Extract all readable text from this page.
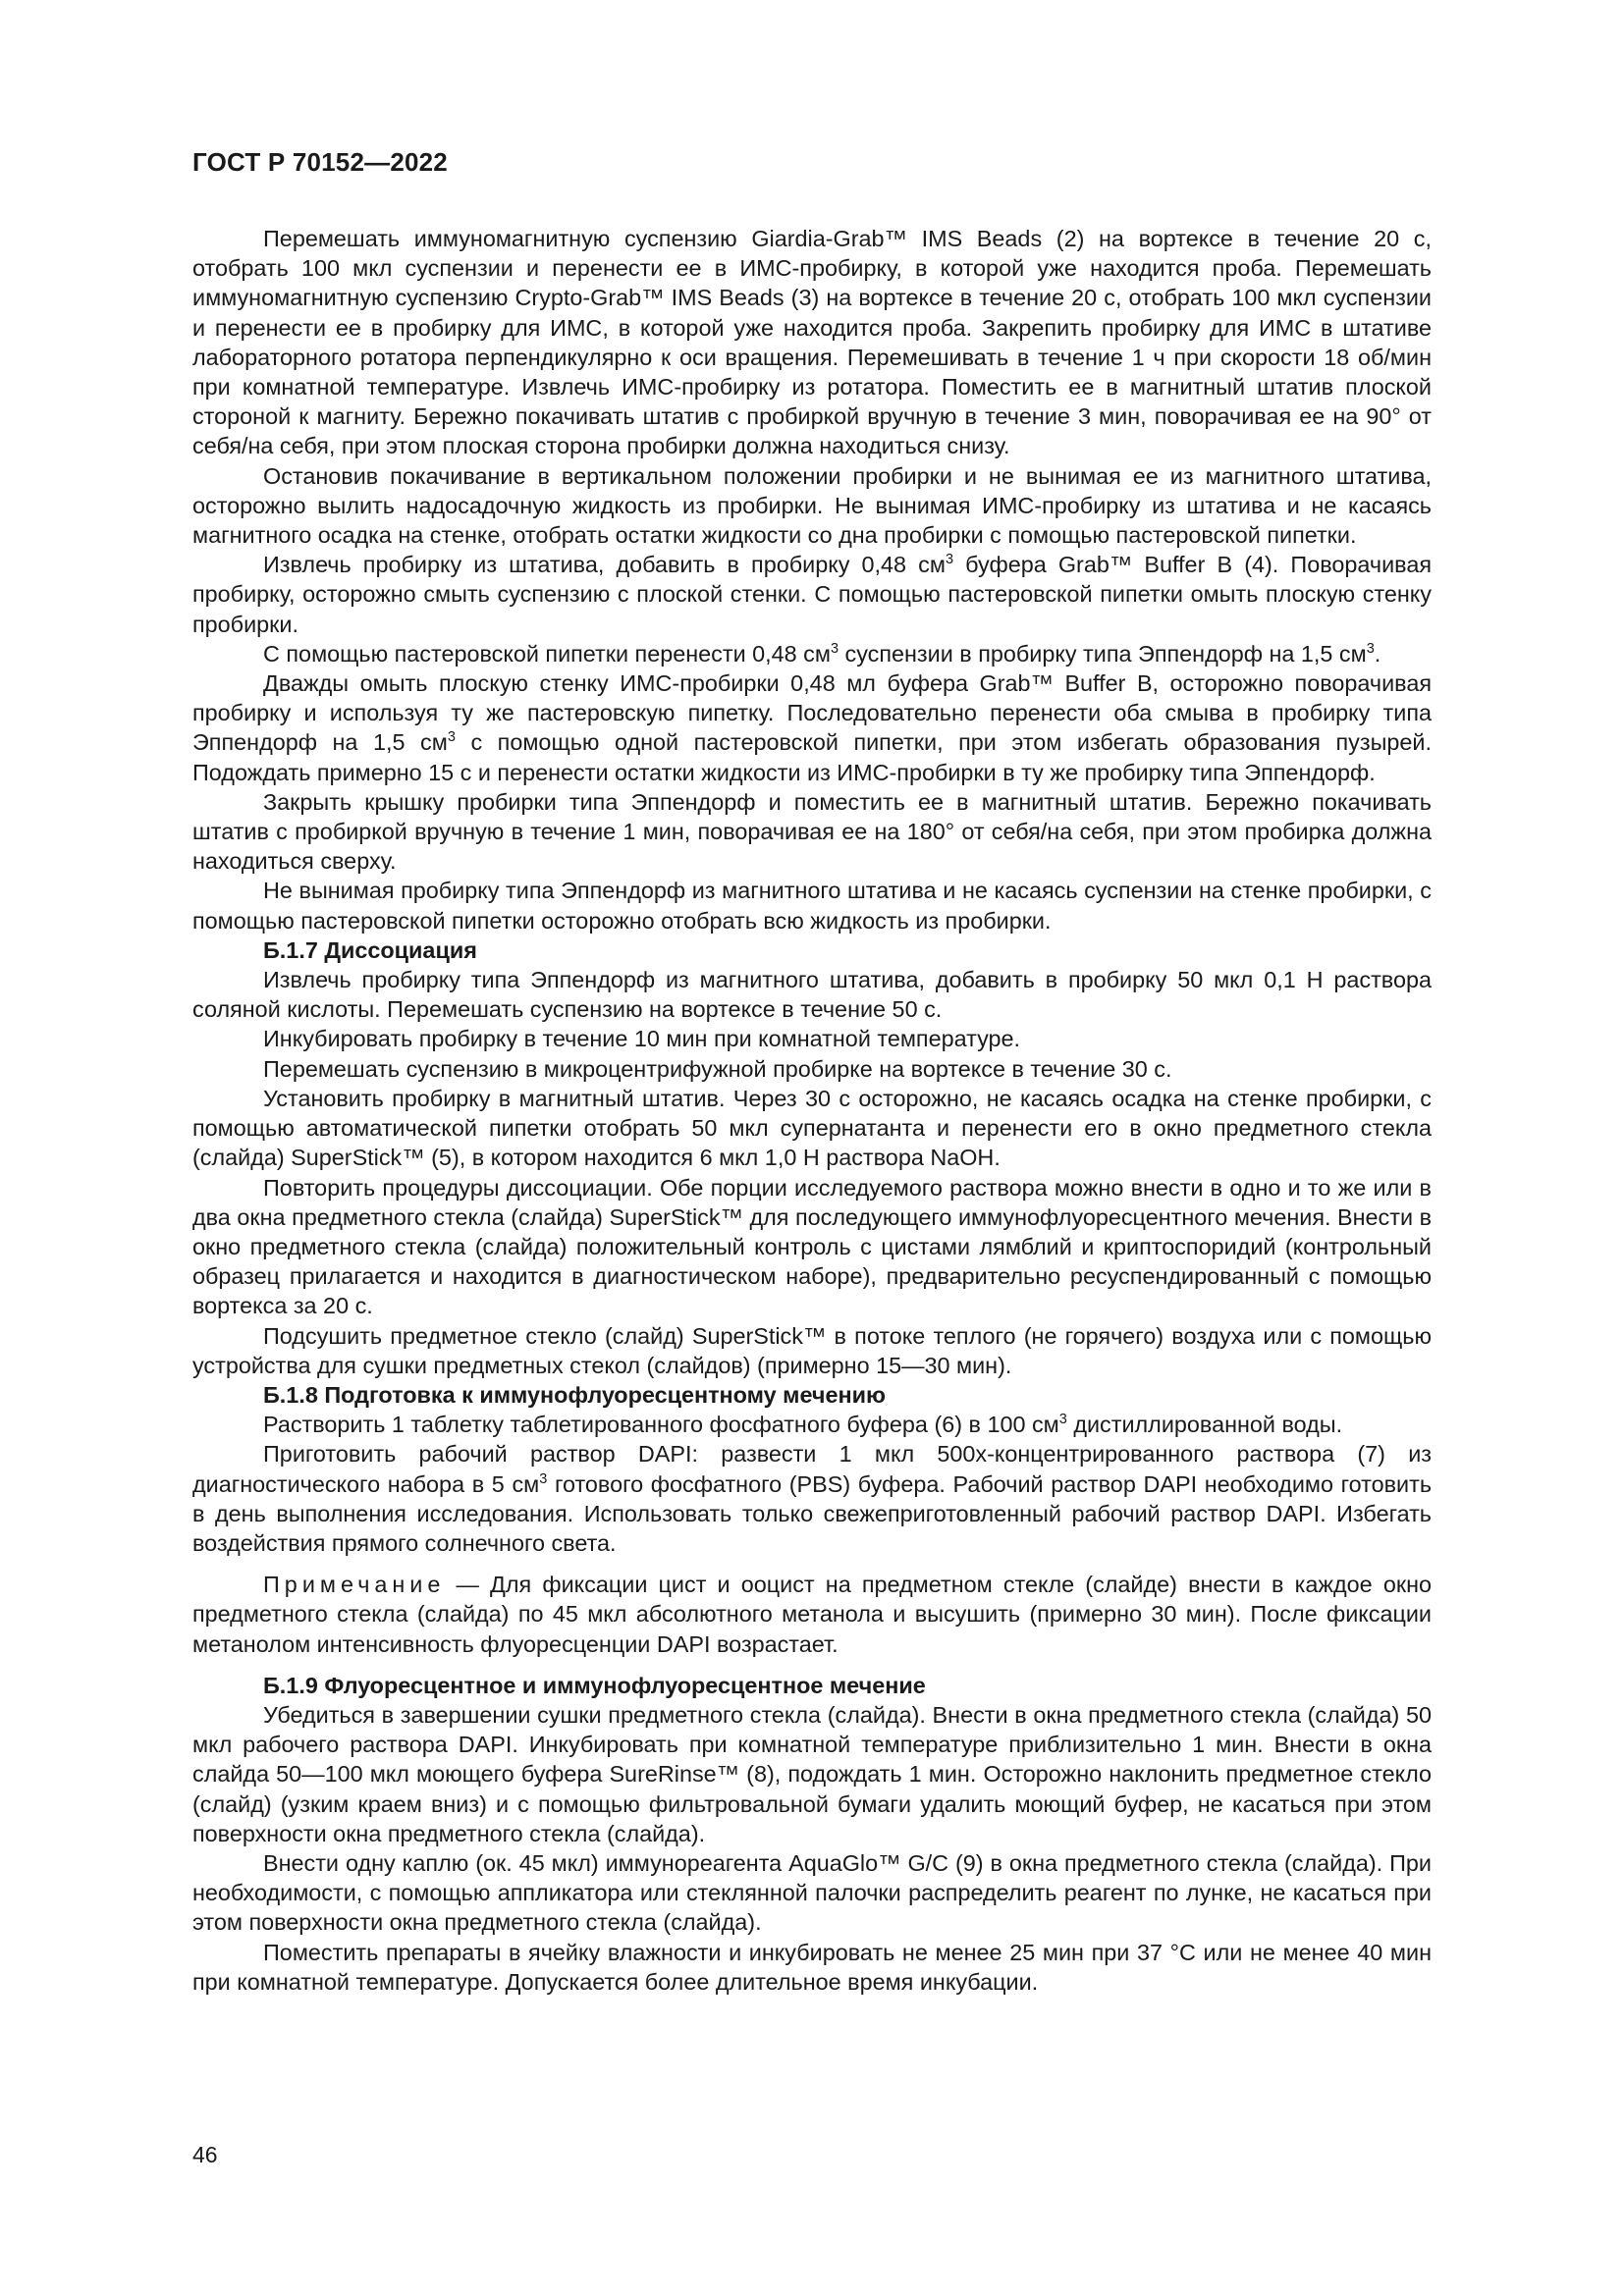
ГОСТ Р 70152—2022

Перемешать иммуномагнитную суспензию Giardia-Grab™ IMS Beads (2) на вортексе в течение 20 с, отобрать 100 мкл суспензии и перенести ее в ИМС-пробирку, в которой уже находится проба. Перемешать иммуномагнитную суспензию Crypto-Grab™ IMS Beads (3) на вортексе в течение 20 с, отобрать 100 мкл суспензии и перенести ее в пробирку для ИМС, в которой уже находится проба. Закрепить пробирку для ИМС в штативе лабораторного ротатора перпендикулярно к оси вращения. Перемешивать в течение 1 ч при скорости 18 об/мин при комнатной температуре. Извлечь ИМС-пробирку из ротатора. Поместить ее в магнитный штатив плоской стороной к магниту. Бережно покачивать штатив с пробиркой вручную в течение 3 мин, поворачивая ее на 90° от себя/на себя, при этом плоская сторона пробирки должна находиться снизу.

Остановив покачивание в вертикальном положении пробирки и не вынимая ее из магнитного штатива, осторожно вылить надосадочную жидкость из пробирки. Не вынимая ИМС-пробирку из штатива и не касаясь магнитного осадка на стенке, отобрать остатки жидкости со дна пробирки с помощью пастеровской пипетки.

Извлечь пробирку из штатива, добавить в пробирку 0,48 $см^3$ буфера Grab™ Buffer B (4). Поворачивая пробирку, осторожно смыть суспензию с плоской стенки. С помощью пастеровской пипетки омыть плоскую стенку пробирки.

С помощью пастеровской пипетки перенести 0,48 $см^3$ суспензии в пробирку типа Эппендорф на 1,5 $см^3$.

Дважды омыть плоскую стенку ИМС-пробирки 0,48 мл буфера Grab™ Buffer B, осторожно поворачивая пробирку и используя ту же пастеровскую пипетку. Последовательно перенести оба смыва в пробирку типа Эппендорф на 1,5 $см^3$ с помощью одной пастеровской пипетки, при этом избегать образования пузырей. Подождать примерно 15 с и перенести остатки жидкости из ИМС-пробирки в ту же пробирку типа Эппендорф.

Закрыть крышку пробирки типа Эппендорф и поместить ее в магнитный штатив. Бережно покачивать штатив с пробиркой вручную в течение 1 мин, поворачивая ее на 180° от себя/на себя, при этом пробирка должна находиться сверху.

Не вынимая пробирку типа Эппендорф из магнитного штатива и не касаясь суспензии на стенке пробирки, с помощью пастеровской пипетки осторожно отобрать всю жидкость из пробирки.

Б.1.7 Диссоциация

Извлечь пробирку типа Эппендорф из магнитного штатива, добавить в пробирку 50 мкл 0,1 Н раствора соляной кислоты. Перемешать суспензию на вортексе в течение 50 с.

Инкубировать пробирку в течение 10 мин при комнатной температуре.

Перемешать суспензию в микроцентрифужной пробирке на вортексе в течение 30 с.

Установить пробирку в магнитный штатив. Через 30 с осторожно, не касаясь осадка на стенке пробирки, с помощью автоматической пипетки отобрать 50 мкл супернатанта и перенести его в окно предметного стекла (слайда) SuperStick™ (5), в котором находится 6 мкл 1,0 Н раствора NaOH.

Повторить процедуры диссоциации. Обе порции исследуемого раствора можно внести в одно и то же или в два окна предметного стекла (слайда) SuperStick™ для последующего иммунофлуоресцентного мечения. Внести в окно предметного стекла (слайда) положительный контроль с цистами лямблий и криптоспоридий (контрольный образец прилагается и находится в диагностическом наборе), предварительно ресуспендированный с помощью вортекса за 20 с.

Подсушить предметное стекло (слайд) SuperStick™ в потоке теплого (не горячего) воздуха или с помощью устройства для сушки предметных стекол (слайдов) (примерно 15—30 мин).

Б.1.8 Подготовка к иммунофлуоресцентному мечению

Растворить 1 таблетку таблетированного фосфатного буфера (6) в 100 $см^3$ дистиллированной воды.

Приготовить рабочий раствор DAPI: развести 1 мкл 500х-концентрированного раствора (7) из диагностического набора в 5 $см^3$ готового фосфатного (PBS) буфера. Рабочий раствор DAPI необходимо готовить в день выполнения исследования. Использовать только свежеприготовленный рабочий раствор DAPI. Избегать воздействия прямого солнечного света.

Примечание — Для фиксации цист и ооцист на предметном стекле (слайде) внести в каждое окно предметного стекла (слайда) по 45 мкл абсолютного метанола и высушить (примерно 30 мин). После фиксации метанолом интенсивность флуоресценции DAPI возрастает.

Б.1.9 Флуоресцентное и иммунофлуоресцентное мечение

Убедиться в завершении сушки предметного стекла (слайда). Внести в окна предметного стекла (слайда) 50 мкл рабочего раствора DAPI. Инкубировать при комнатной температуре приблизительно 1 мин. Внести в окна слайда 50—100 мкл моющего буфера SureRinse™ (8), подождать 1 мин. Осторожно наклонить предметное стекло (слайд) (узким краем вниз) и с помощью фильтровальной бумаги удалить моющий буфер, не касаться при этом поверхности окна предметного стекла (слайда).

Внести одну каплю (ок. 45 мкл) иммунореагента AquaGlo™ G/C (9) в окна предметного стекла (слайда). При необходимости, с помощью аппликатора или стеклянной палочки распределить реагент по лунке, не касаться при этом поверхности окна предметного стекла (слайда).

Поместить препараты в ячейку влажности и инкубировать не менее 25 мин при 37 °С или не менее 40 мин при комнатной температуре. Допускается более длительное время инкубации.

46
